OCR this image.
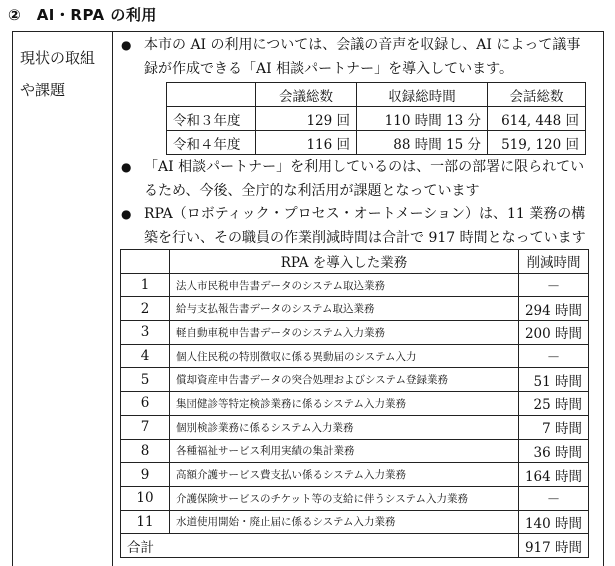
②　AI・RPA の利用
現状の取組や課題
● 本市の AI の利用については、会議の音声を収録し、AI によって議事
録が作成できる「AI 相談パートナー」を導入しています。
	会議総数	収録総時間	会話総数
令和３年度	129 回	110 時間 13 分	614, 448 回
令和４年度	116 回	88 時間 15 分	519, 120 回
● 「AI 相談パートナー」を利用しているのは、一部の部署に限られてい
るため、今後、全庁的な利活用が課題となっています
● RPA（ロボティック・プロセス・オートメーション）は、11 業務の構
築を行い、その職員の作業削減時間は合計で 917 時間となっています
	RPA を導入した業務	削減時間
1	法人市民税申告書データのシステム取込業務	－
2	給与支払報告書データのシステム取込業務	294 時間
3	軽自動車税申告書データのシステム入力業務	200 時間
4	個人住民税の特別徴収に係る異動届のシステム入力	－
5	償却資産申告書データの突合処理およびシステム登録業務	51 時間
6	集団健診等特定検診業務に係るシステム入力業務	25 時間
7	個別検診業務に係るシステム入力業務	7 時間
8	各種福祉サービス利用実績の集計業務	36 時間
9	高額介護サービス費支払い係るシステム入力業務	164 時間
10	介護保険サービスのチケット等の支給に伴うシステム入力業務	－
11	水道使用開始・廃止届に係るシステム入力業務	140 時間
合計		917 時間
